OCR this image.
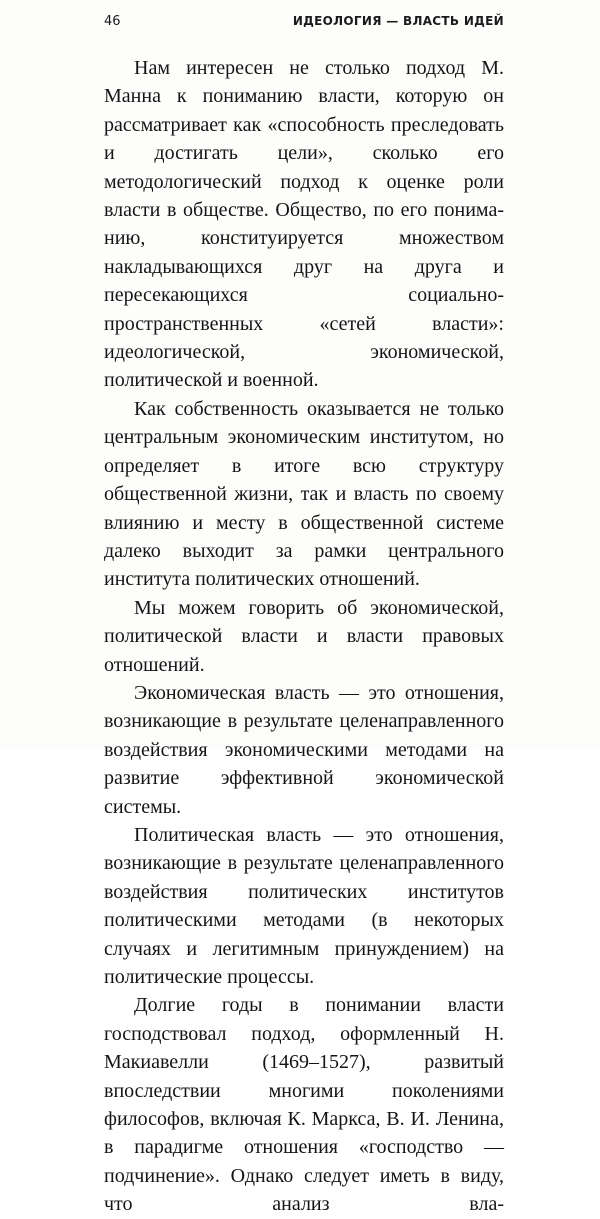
46	ИДЕОЛОГИЯ — ВЛАСТЬ ИДЕЙ

Нам интересен не столько подход М. Манна к пониманию власти, которую он рассматривает как «способность преследовать и достигать цели», сколько его методологический подход к оценке роли власти в обществе. Общество, по его пониманию, конституируется множеством накладывающихся друг на друга и пересекающихся социально-пространственных «сетей власти»: идеологической, экономической, политической и военной.

Как собственность оказывается не только центральным экономическим институтом, но определяет в итоге всю структуру общественной жизни, так и власть по своему влиянию и месту в общественной системе далеко выходит за рамки центрального института политических отношений.

Мы можем говорить об экономической, политической власти и власти правовых отношений.

Экономическая власть — это отношения, возникающие в результате целенаправленного воздействия экономическими методами на развитие эффективной экономической системы.

Политическая власть — это отношения, возникающие в результате целенаправленного воздействия политических институтов политическими методами (в некоторых случаях и легитимным принуждением) на политические процессы.

Долгие годы в понимании власти господствовал подход, оформленный Н. Макиавелли (1469–1527), развитый впоследствии многими поколениями философов, включая К. Маркса, В. И. Ленина, в парадигме отношения «господство — подчинение». Однако следует иметь в виду, что анализ вла-
